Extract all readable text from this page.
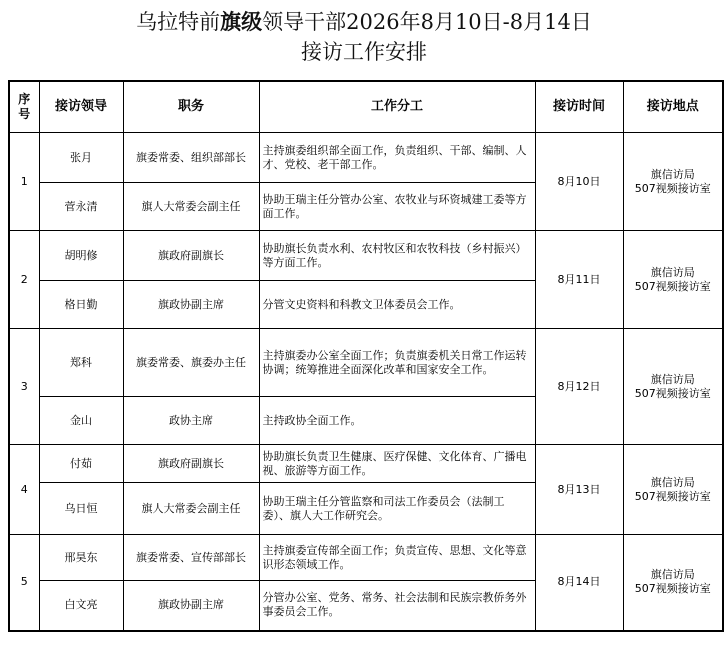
乌拉特前旗级领导干部2026年8月10日-8月14日
接访工作安排
序号	接访领导	职务	工作分工	接访时间	接访地点
1	张月	旗委常委、组织部部长	主持旗委组织部全面工作，负责组织、干部、编制、人才、党校、老干部工作。	8月10日	旗信访局
507视频接访室
	菅永清	旗人大常委会副主任	协助王瑞主任分管办公室、农牧业与环资城建工委等方面工作。		
2	胡明修	旗政府副旗长	协助旗长负责水利、农村牧区和农牧科技（乡村振兴）等方面工作。	8月11日	旗信访局
507视频接访室
	格日勤	旗政协副主席	分管文史资料和科教文卫体委员会工作。		
3	郑科	旗委常委、旗委办主任	主持旗委办公室全面工作；负责旗委机关日常工作运转协调；统筹推进全面深化改革和国家安全工作。	8月12日	旗信访局
507视频接访室
	金山	政协主席	主持政协全面工作。		
4	付茹	旗政府副旗长	协助旗长负责卫生健康、医疗保健、文化体育、广播电视、旅游等方面工作。	8月13日	旗信访局
507视频接访室
	乌日恒	旗人大常委会副主任	协助王瑞主任分管监察和司法工作委员会（法制工委）、旗人大工作研究会。		
5	邢昊东	旗委常委、宣传部部长	主持旗委宣传部全面工作；负责宣传、思想、文化等意识形态领域工作。	8月14日	旗信访局
507视频接访室
	白文亮	旗政协副主席	分管办公室、党务、常务、社会法制和民族宗教侨务外事委员会工作。		
